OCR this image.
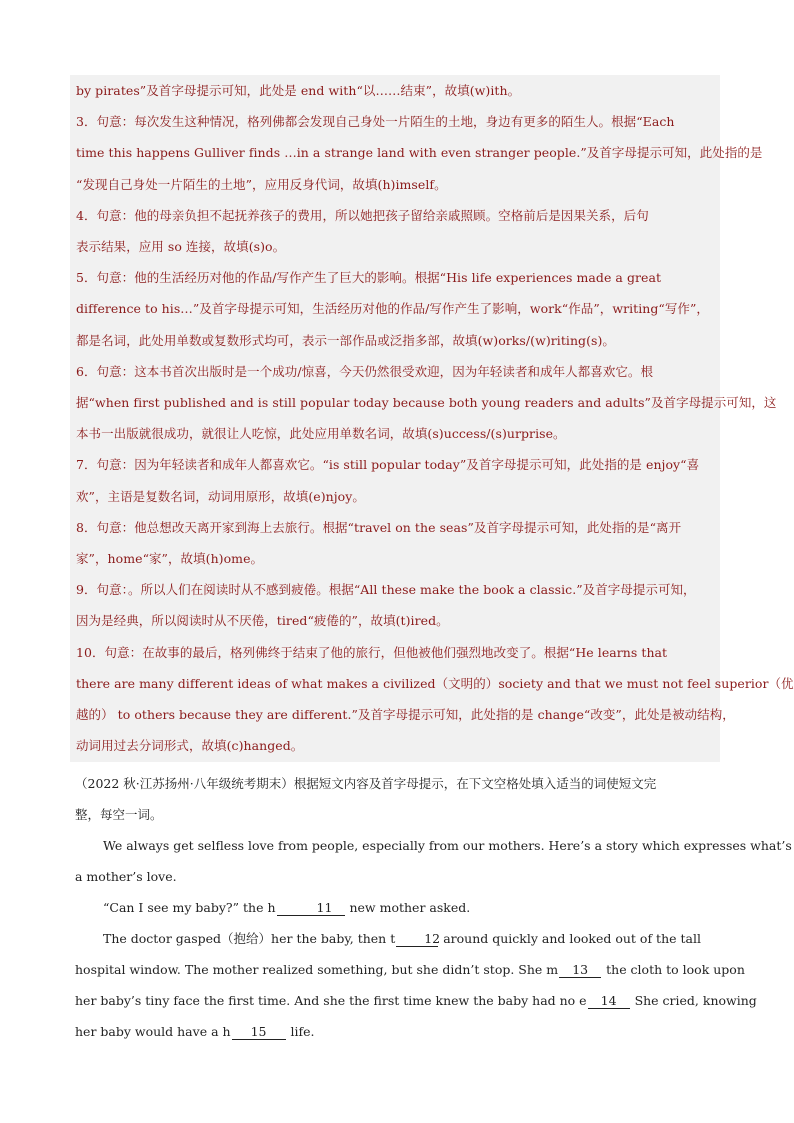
by pirates”及首字母提示可知，此处是 end with“以……结束”，故填(w)ith。

3．句意：每次发生这种情况，格列佛都会发现自己身处一片陌生的土地，身边有更多的陌生人。根据“Each

time this happens Gulliver finds …in a strange land with even stranger people.”及首字母提示可知，此处指的是

“发现自己身处一片陌生的土地”，应用反身代词，故填(h)imself。

4．句意：他的母亲负担不起抚养孩子的费用，所以她把孩子留给亲戚照顾。空格前后是因果关系，后句

表示结果，应用 so 连接，故填(s)o。

5．句意：他的生活经历对他的作品/写作产生了巨大的影响。根据“His life experiences made a great

difference to his…”及首字母提示可知，生活经历对他的作品/写作产生了影响，work“作品”，writing“写作”，

都是名词，此处用单数或复数形式均可，表示一部作品或泛指多部，故填(w)orks/(w)riting(s)。

6．句意：这本书首次出版时是一个成功/惊喜，今天仍然很受欢迎，因为年轻读者和成年人都喜欢它。根

据“when first published and is still popular today because both young readers and adults”及首字母提示可知，这

本书一出版就很成功，就很让人吃惊，此处应用单数名词，故填(s)uccess/(s)urprise。

7．句意：因为年轻读者和成年人都喜欢它。“is still popular today”及首字母提示可知，此处指的是 enjoy“喜

欢”，主语是复数名词，动词用原形，故填(e)njoy。

8．句意：他总想改天离开家到海上去旅行。根据“travel on the seas”及首字母提示可知，此处指的是“离开

家”，home“家”，故填(h)ome。

9．句意：。所以人们在阅读时从不感到疲倦。根据“All these make the book a classic.”及首字母提示可知，

因为是经典，所以阅读时从不厌倦，tired“疲倦的”，故填(t)ired。

10．句意：在故事的最后，格列佛终于结束了他的旅行，但他被他们强烈地改变了。根据“He learns that

there are many different ideas of what makes a civilized（文明的）society and that we must not feel superior（优

越的） to others because they are different.”及首字母提示可知，此处指的是 change“改变”，此处是被动结构，

动词用过去分词形式，故填(c)hanged。

（2022 秋·江苏扬州·八年级统考期末）根据短文内容及首字母提示，在下文空格处填入适当的词使短文完

整，每空一词。

We always get selfless love from people, especially from our mothers. Here’s a story which expresses what’s

a mother’s love.

“Can I see my baby?” the h	11 new mother asked.

The doctor gasped（抱给）her the baby, then t 12 around quickly and looked out of the tall

hospital window. The mother realized something, but she didn’t stop. She m 13 the cloth to look upon

her baby’s tiny face the first time. And she the first time knew the baby had no e 14 She cried, knowing

her baby would have a h 15 life.
